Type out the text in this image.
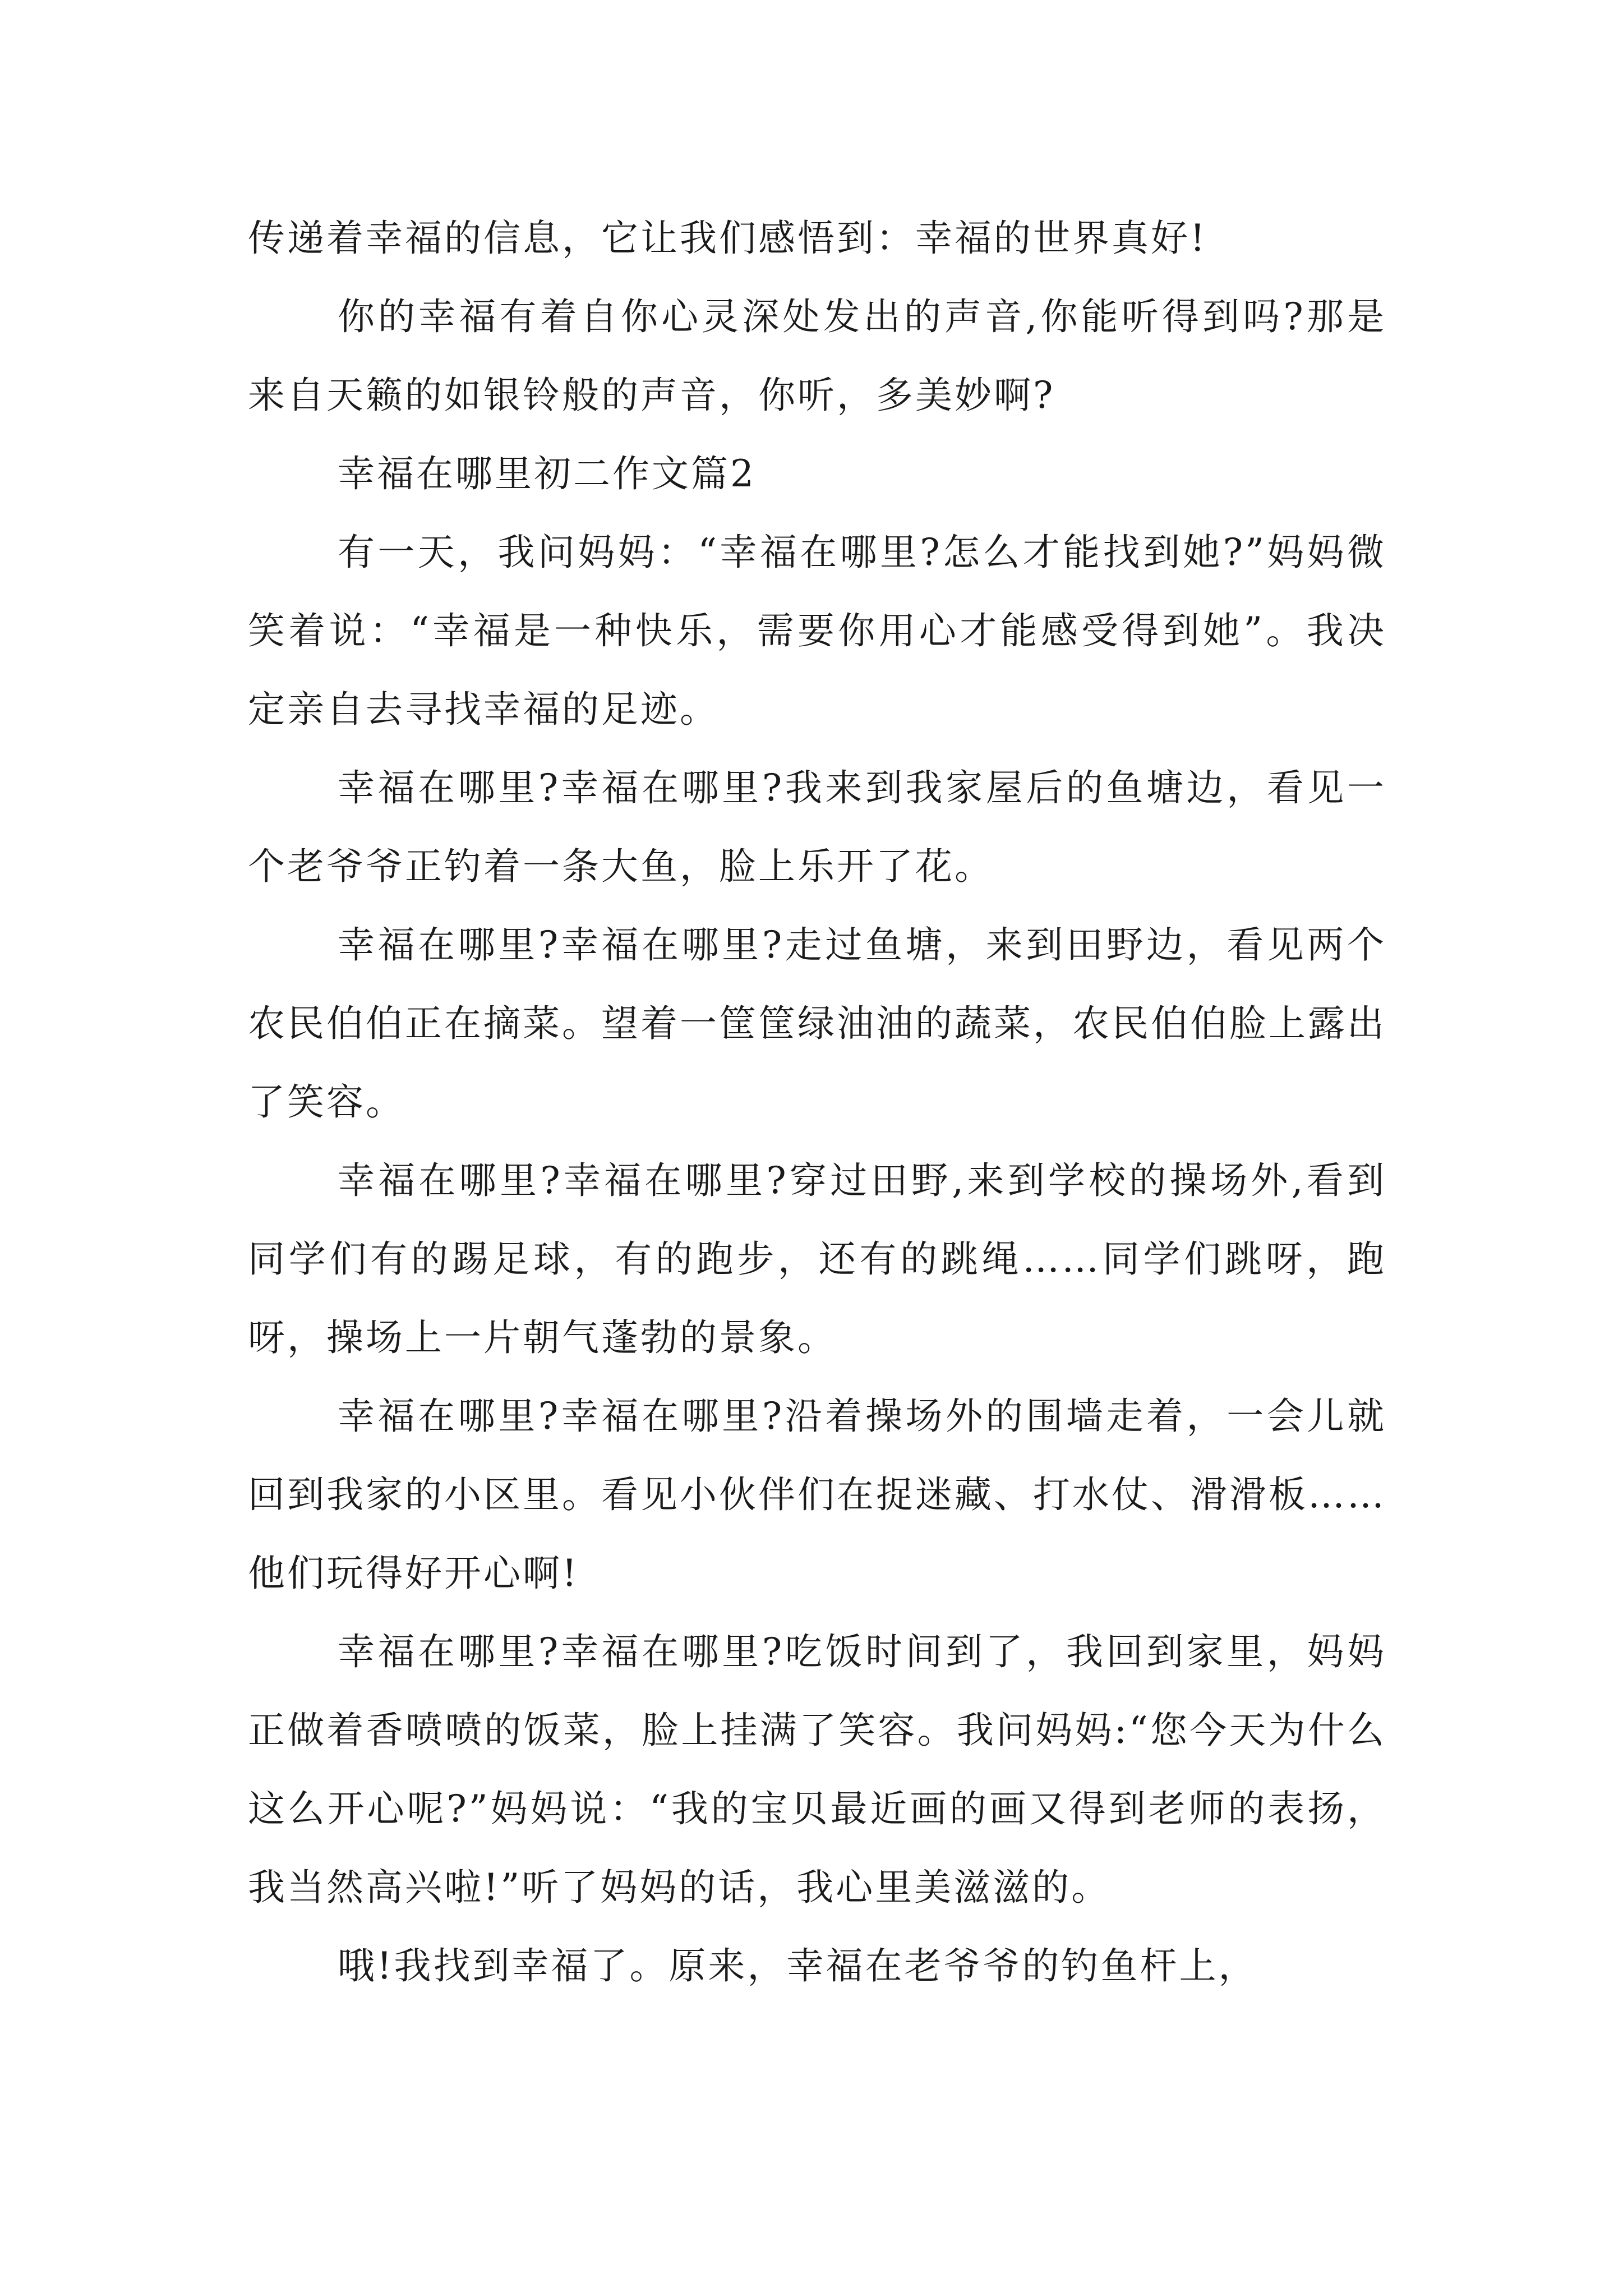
传递着幸福的信息，它让我们感悟到：幸福的世界真好!

你的幸福有着自你心灵深处发出的声音,你能听得到吗?那是来自天籁的如银铃般的声音，你听，多美妙啊?

幸福在哪里初二作文篇2

有一天，我问妈妈：“幸福在哪里?怎么才能找到她?”妈妈微笑着说：“幸福是一种快乐，需要你用心才能感受得到她”。我决定亲自去寻找幸福的足迹。

幸福在哪里?幸福在哪里?我来到我家屋后的鱼塘边，看见一个老爷爷正钓着一条大鱼，脸上乐开了花。

幸福在哪里?幸福在哪里?走过鱼塘，来到田野边，看见两个农民伯伯正在摘菜。望着一筐筐绿油油的蔬菜，农民伯伯脸上露出了笑容。

幸福在哪里?幸福在哪里?穿过田野,来到学校的操场外,看到同学们有的踢足球，有的跑步，还有的跳绳……同学们跳呀，跑呀，操场上一片朝气蓬勃的景象。

幸福在哪里?幸福在哪里?沿着操场外的围墙走着，一会儿就回到我家的小区里。看见小伙伴们在捉迷藏、打水仗、滑滑板……他们玩得好开心啊!

幸福在哪里?幸福在哪里?吃饭时间到了，我回到家里，妈妈正做着香喷喷的饭菜，脸上挂满了笑容。我问妈妈:“您今天为什么这么开心呢?”妈妈说：“我的宝贝最近画的画又得到老师的表扬，我当然高兴啦!”听了妈妈的话，我心里美滋滋的。

哦!我找到幸福了。原来，幸福在老爷爷的钓鱼杆上，
